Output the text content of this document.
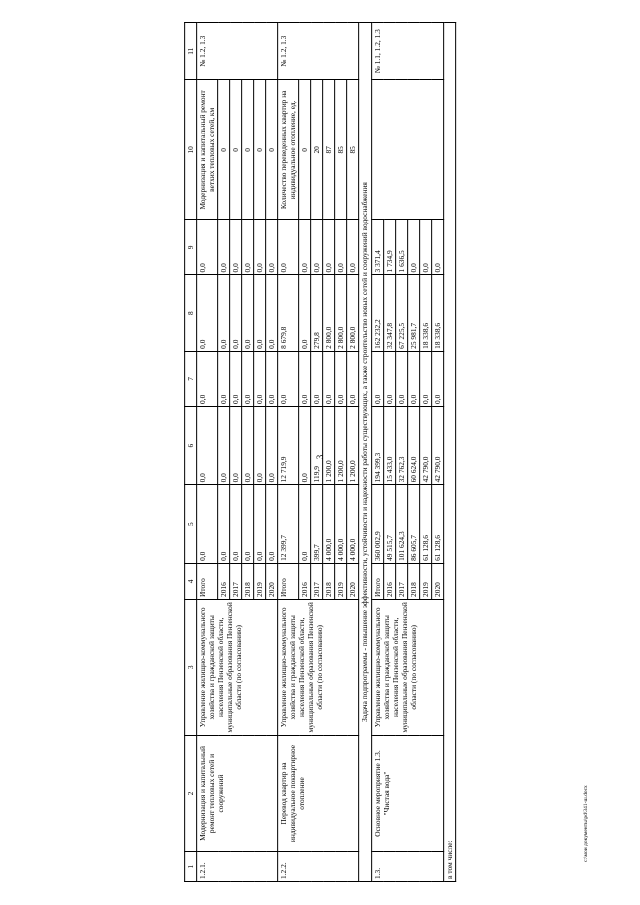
3
1	2	3	4	5	6	7	8	9	10	11
1.2.1.	Модернизация и капитальный ремонт тепловых сетей и сооружений	Управление жилищно-коммунального хозяйства и гражданской защиты населения Пензенской области, муниципальные образования Пензенской области (по согласованию)	Итого	0,0	0,0	0,0	0,0	0,0	Модернизация и капитальный ремонт ветхих тепловых сетей, км	№ 1.2, 1.3
			2016	0,0	0,0	0,0	0,0	0,0	0	
			2017	0,0	0,0	0,0	0,0	0,0	0	
			2018	0,0	0,0	0,0	0,0	0,0	0	
			2019	0,0	0,0	0,0	0,0	0,0	0	
			2020	0,0	0,0	0,0	0,0	0,0	0	
1.2.2.	Перевод квартир на индивидуальное поквартирное отопление	Управление жилищно-коммунального хозяйства и гражданской защиты населения Пензенской области, муниципальные образования Пензенской области (по согласованию)	Итого	12 399,7	12 719,9	0,0	8 679,8	0,0	Количество переведенных квартир на индивидуальное отопление, ед.	№ 1.2, 1.3
			2016	0,0	0,0	0,0	0,0	0,0	0	
			2017	399,7	119,9	0,0	279,8	0,0	20	
			2018	4 000,0	1 200,0	0,0	2 800,0	0,0	87	
			2019	4 000,0	1 200,0	0,0	2 800,0	0,0	85	
			2020	4 000,0	1 200,0	0,0	2 800,0	0,0	85	
Задача подпрограммы - повышение эффективности, устойчивости и надежности работы существующих, а также строительство новых сетей и сооружений водоснабжения										
1.3.	Основное мероприятие 1.3. "Чистая вода"	Управление жилищно-коммунального хозяйства и гражданской защиты населения Пензенской области, муниципальные образования Пензенской области (по согласованию)	Итого	360 002,9	194 399,3	0,0	162 232,2	3 371,4		№ 1.1, 1.2, 1.3
			2016	49 515,7	15 433,0	0,0	32 347,8	1 734,9		
			2017	101 624,3	32 762,3	0,0	67 225,5	1 636,5		
			2018	86 605,7	60 624,0	0,0	25 981,7	0,0		
			2019	61 128,6	42 790,0	0,0	18 338,6	0,0		
			2020	61 128,6	42 790,0	0,0	18 338,6	0,0		
в том числе:											c:\мои документы\pd\341-ш.docx
